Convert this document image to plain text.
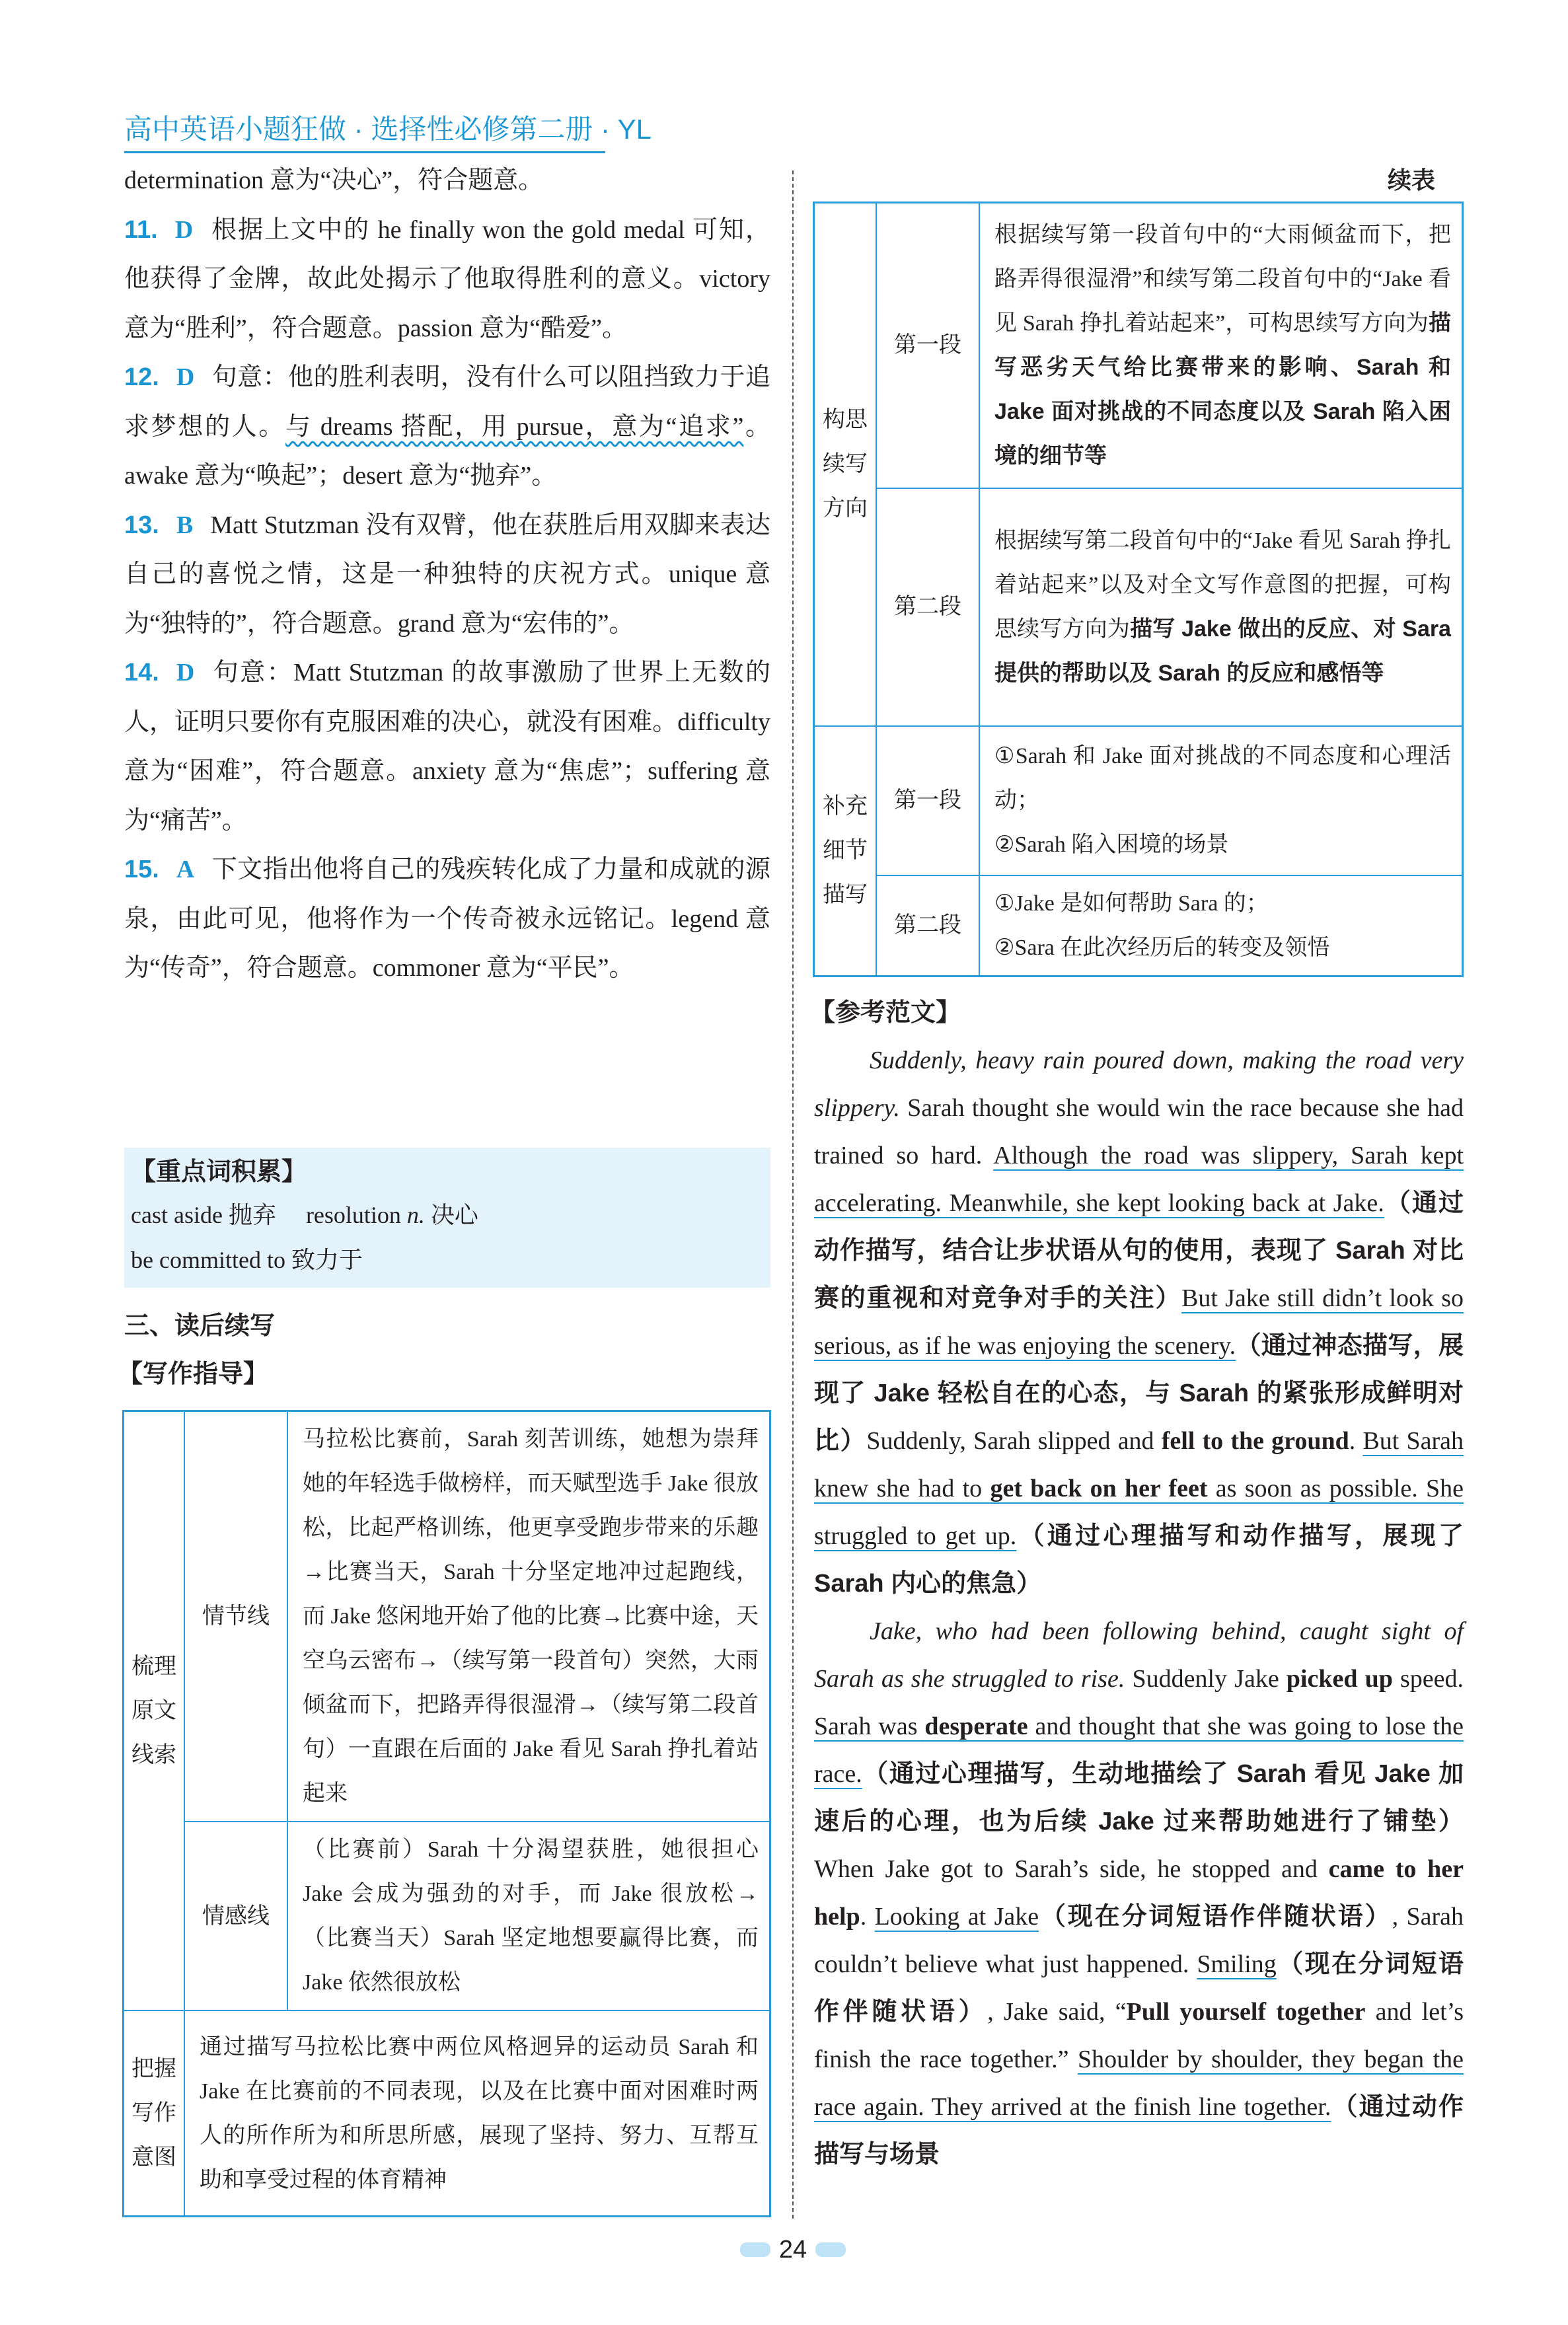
高中英语小题狂做 · 选择性必修第二册 · YL

determination 意为“决心”，符合题意。

11. D 根据上文中的 he finally won the gold medal 可知，他获得了金牌，故此处揭示了他取得胜利的意义。victory 意为“胜利”，符合题意。passion 意为“酷爱”。

12. D 句意：他的胜利表明，没有什么可以阻挡致力于追求梦想的人。与 dreams 搭配，用 pursue，意为“追求”。awake 意为“唤起”；desert 意为“抛弃”。

13. B Matt Stutzman 没有双臂，他在获胜后用双脚来表达自己的喜悦之情，这是一种独特的庆祝方式。unique 意为“独特的”，符合题意。grand 意为“宏伟的”。

14. D 句意：Matt Stutzman 的故事激励了世界上无数的人，证明只要你有克服困难的决心，就没有困难。difficulty 意为“困难”，符合题意。anxiety 意为“焦虑”；suffering 意为“痛苦”。

15. A 下文指出他将自己的残疾转化成了力量和成就的源泉，由此可见，他将作为一个传奇被永远铭记。legend 意为“传奇”，符合题意。commoner 意为“平民”。

【重点词积累】
cast aside 抛弃　 resolution n. 决心
be committed to 致力于
三、读后续写
【写作指导】
梳理原文线索	情节线	马拉松比赛前，Sarah 刻苦训练，她想为崇拜她的年轻选手做榜样，而天赋型选手 Jake 很放松，比起严格训练，他更享受跑步带来的乐趣→比赛当天，Sarah 十分坚定地冲过起跑线，而 Jake 悠闲地开始了他的比赛→比赛中途，天空乌云密布→（续写第一段首句）突然，大雨倾盆而下，把路弄得很湿滑→（续写第二段首句）一直跟在后面的 Jake 看见 Sarah 挣扎着站起来
	情感线	（比赛前）Sarah 十分渴望获胜，她很担心 Jake 会成为强劲的对手，而 Jake 很放松→（比赛当天）Sarah 坚定地想要赢得比赛，而 Jake 依然很放松

把握写作意图	通过描写马拉松比赛中两位风格迥异的运动员 Sarah 和 Jake 在比赛前的不同表现，以及在比赛中面对困难时两人的所作所为和所思所感，展现了坚持、努力、互帮互助和享受过程的体育精神	
续表
构思续写方向	第一段	根据续写第一段首句中的“大雨倾盆而下，把路弄得很湿滑”和续写第二段首句中的“Jake 看见 Sarah 挣扎着站起来”，可构思续写方向为描写恶劣天气给比赛带来的影响、Sarah 和 Jake 面对挑战的不同态度以及 Sarah 陷入困境的细节等
	第二段	根据续写第二段首句中的“Jake 看见 Sarah 挣扎着站起来”以及对全文写作意图的把握，可构思续写方向为描写 Jake 做出的反应、对 Sara 提供的帮助以及 Sarah 的反应和感悟等

补充细节描写	第一段	①Sarah 和 Jake 面对挑战的不同态度和心理活动；
②Sarah 陷入困境的场景

	第二段	①Jake 是如何帮助 Sara 的；
②Sara 在此次经历后的转变及领悟
【参考范文】

Suddenly, heavy rain poured down, making the road very slippery. Sarah thought she would win the race because she had trained so hard. Although the road was slippery, Sarah kept accelerating. Meanwhile, she kept looking back at Jake.（通过动作描写，结合让步状语从句的使用，表现了 Sarah 对比赛的重视和对竞争对手的关注）But Jake still didn’t look so serious, as if he was enjoying the scenery.（通过神态描写，展现了 Jake 轻松自在的心态，与 Sarah 的紧张形成鲜明对比）Suddenly, Sarah slipped and fell to the ground. But Sarah knew she had to get back on her feet as soon as possible. She struggled to get up.（通过心理描写和动作描写，展现了 Sarah 内心的焦急）

Jake, who had been following behind, caught sight of Sarah as she struggled to rise. Suddenly Jake picked up speed. Sarah was desperate and thought that she was going to lose the race.（通过心理描写，生动地描绘了 Sarah 看见 Jake 加速后的心理，也为后续 Jake 过来帮助她进行了铺垫）When Jake got to Sarah’s side, he stopped and came to her help. Looking at Jake（现在分词短语作伴随状语）, Sarah couldn’t believe what just happened. Smiling（现在分词短语作伴随状语）, Jake said, “Pull yourself together and let’s finish the race together.” Shoulder by shoulder, they began the race again. They arrived at the finish line together.（通过动作描写与场景

24
